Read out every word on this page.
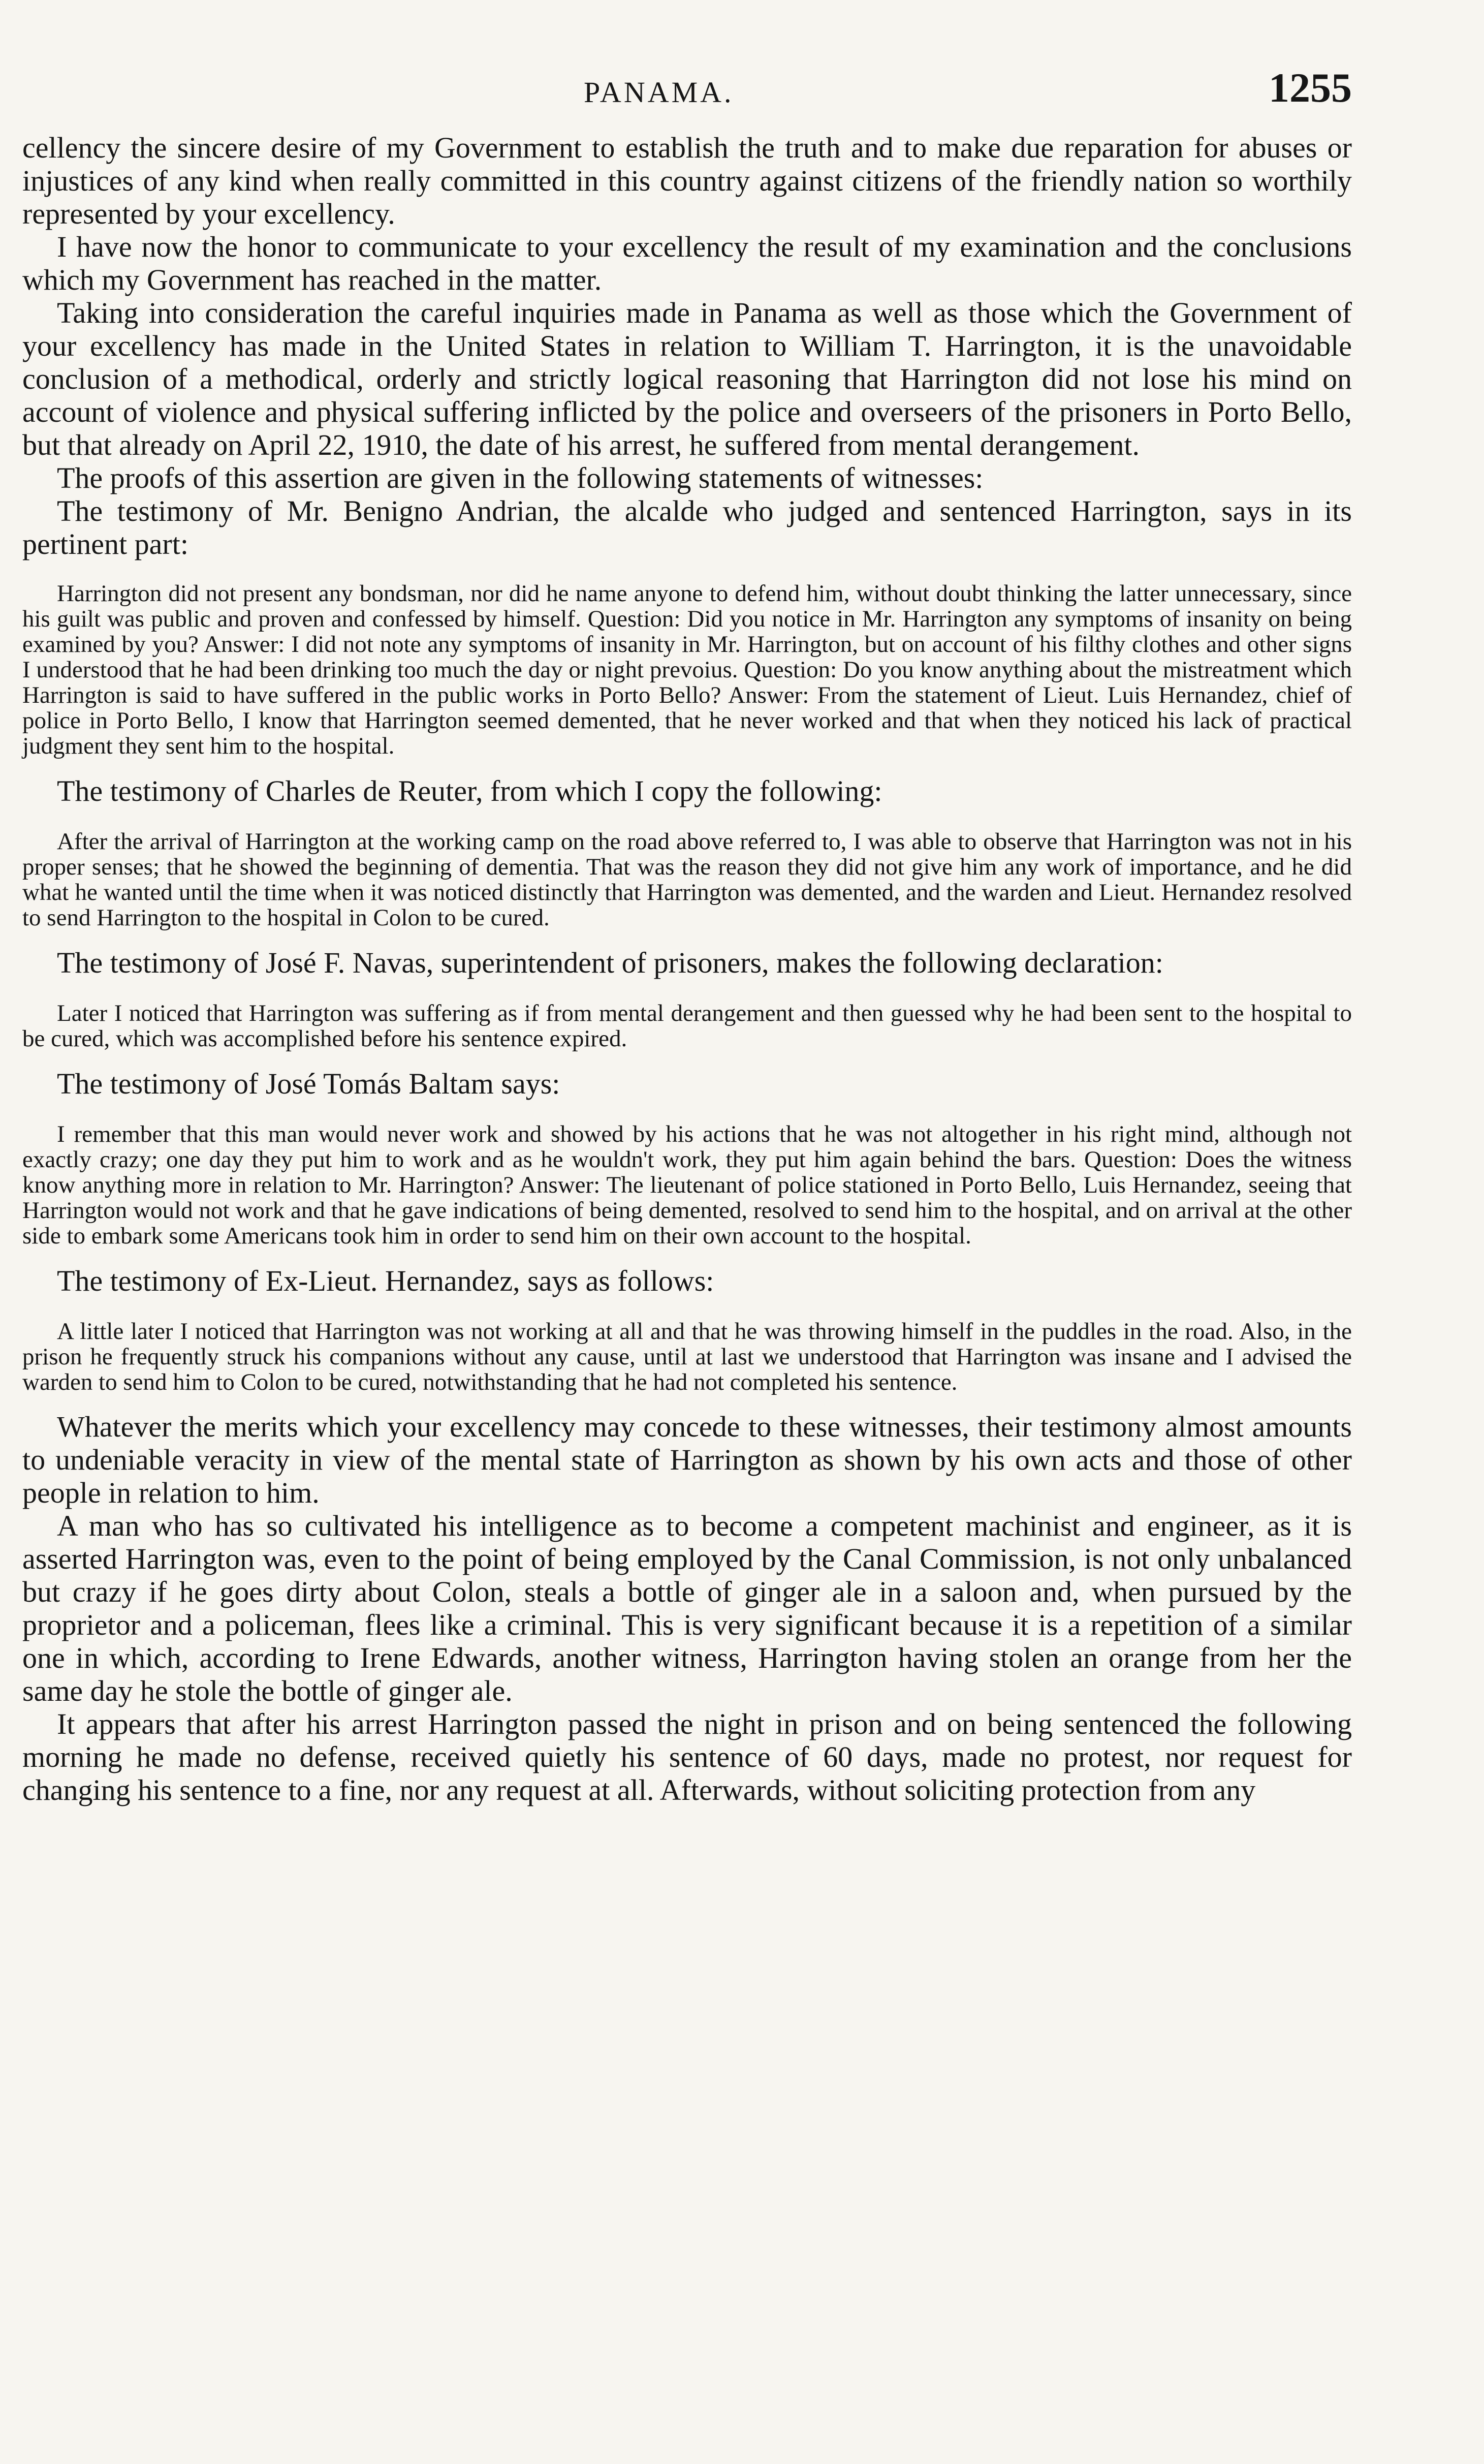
PANAMA.	1255

cellency the sincere desire of my Government to establish the truth and to make due reparation for abuses or injustices of any kind when really committed in this country against citizens of the friendly nation so worthily represented by your excellency.

I have now the honor to communicate to your excellency the result of my examination and the conclusions which my Government has reached in the matter.

Taking into consideration the careful inquiries made in Panama as well as those which the Government of your excellency has made in the United States in relation to William T. Harrington, it is the unavoidable conclusion of a methodical, orderly and strictly logical reasoning that Harrington did not lose his mind on account of violence and physical suffering inflicted by the police and overseers of the prisoners in Porto Bello, but that already on April 22, 1910, the date of his arrest, he suffered from mental derangement.

The proofs of this assertion are given in the following statements of witnesses:

The testimony of Mr. Benigno Andrian, the alcalde who judged and sentenced Harrington, says in its pertinent part:

Harrington did not present any bondsman, nor did he name anyone to defend him, without doubt thinking the latter unnecessary, since his guilt was public and proven and confessed by himself. Question: Did you notice in Mr. Harrington any symptoms of insanity on being examined by you? Answer: I did not note any symptoms of insanity in Mr. Harrington, but on account of his filthy clothes and other signs I understood that he had been drinking too much the day or night prevoius. Question: Do you know anything about the mistreatment which Harrington is said to have suffered in the public works in Porto Bello? Answer: From the statement of Lieut. Luis Hernandez, chief of police in Porto Bello, I know that Harrington seemed demented, that he never worked and that when they noticed his lack of practical judgment they sent him to the hospital.

The testimony of Charles de Reuter, from which I copy the following:

After the arrival of Harrington at the working camp on the road above referred to, I was able to observe that Harrington was not in his proper senses; that he showed the beginning of dementia. That was the reason they did not give him any work of importance, and he did what he wanted until the time when it was noticed distinctly that Harrington was demented, and the warden and Lieut. Hernandez resolved to send Harrington to the hospital in Colon to be cured.

The testimony of José F. Navas, superintendent of prisoners, makes the following declaration:

Later I noticed that Harrington was suffering as if from mental derangement and then guessed why he had been sent to the hospital to be cured, which was accomplished before his sentence expired.

The testimony of José Tomás Baltam says:

I remember that this man would never work and showed by his actions that he was not altogether in his right mind, although not exactly crazy; one day they put him to work and as he wouldn't work, they put him again behind the bars. Question: Does the witness know anything more in relation to Mr. Harrington? Answer: The lieutenant of police stationed in Porto Bello, Luis Hernandez, seeing that Harrington would not work and that he gave indications of being demented, resolved to send him to the hospital, and on arrival at the other side to embark some Americans took him in order to send him on their own account to the hospital.

The testimony of Ex-Lieut. Hernandez, says as follows:

A little later I noticed that Harrington was not working at all and that he was throwing himself in the puddles in the road. Also, in the prison he frequently struck his companions without any cause, until at last we understood that Harrington was insane and I advised the warden to send him to Colon to be cured, notwithstanding that he had not completed his sentence.

Whatever the merits which your excellency may concede to these witnesses, their testimony almost amounts to undeniable veracity in view of the mental state of Harrington as shown by his own acts and those of other people in relation to him.

A man who has so cultivated his intelligence as to become a competent machinist and engineer, as it is asserted Harrington was, even to the point of being employed by the Canal Commission, is not only unbalanced but crazy if he goes dirty about Colon, steals a bottle of ginger ale in a saloon and, when pursued by the proprietor and a policeman, flees like a criminal. This is very significant because it is a repetition of a similar one in which, according to Irene Edwards, another witness, Harrington having stolen an orange from her the same day he stole the bottle of ginger ale.

It appears that after his arrest Harrington passed the night in prison and on being sentenced the following morning he made no defense, received quietly his sentence of 60 days, made no protest, nor request for changing his sentence to a fine, nor any request at all. Afterwards, without soliciting protection from any
